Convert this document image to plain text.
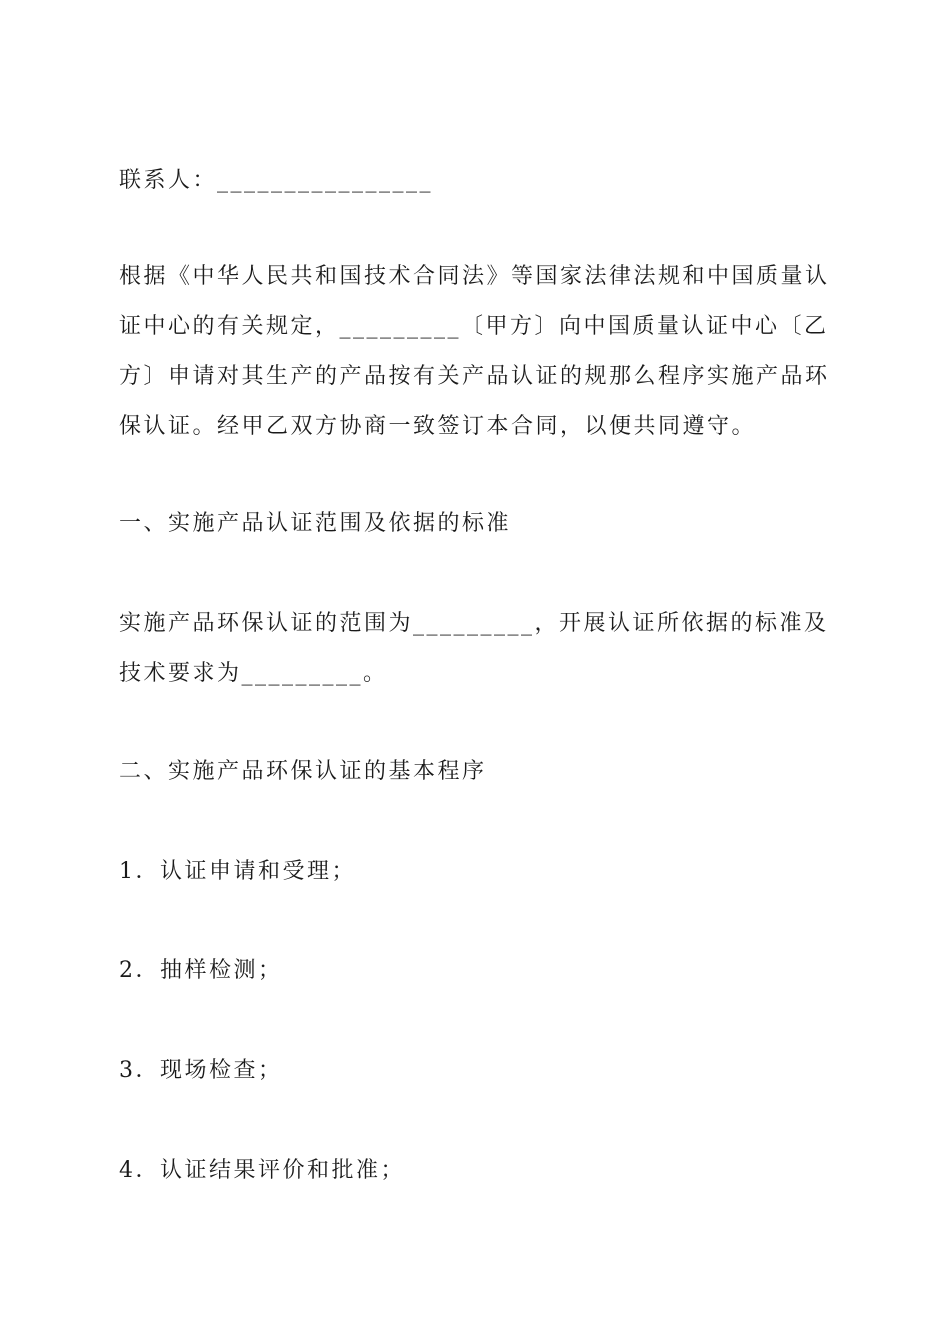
联系人：________________
根据《中华人民共和国技术合同法》等国家法律法规和中国质量认证中心的有关规定，_________〔甲方〕向中国质量认证中心〔乙方〕申请对其生产的产品按有关产品认证的规那么程序实施产品环保认证。经甲乙双方协商一致签订本合同，以便共同遵守。
一、实施产品认证范围及依据的标准
实施产品环保认证的范围为_________，开展认证所依据的标准及技术要求为_________。
二、实施产品环保认证的基本程序
1．认证申请和受理；
2．抽样检测；
3．现场检查；
4．认证结果评价和批准；
